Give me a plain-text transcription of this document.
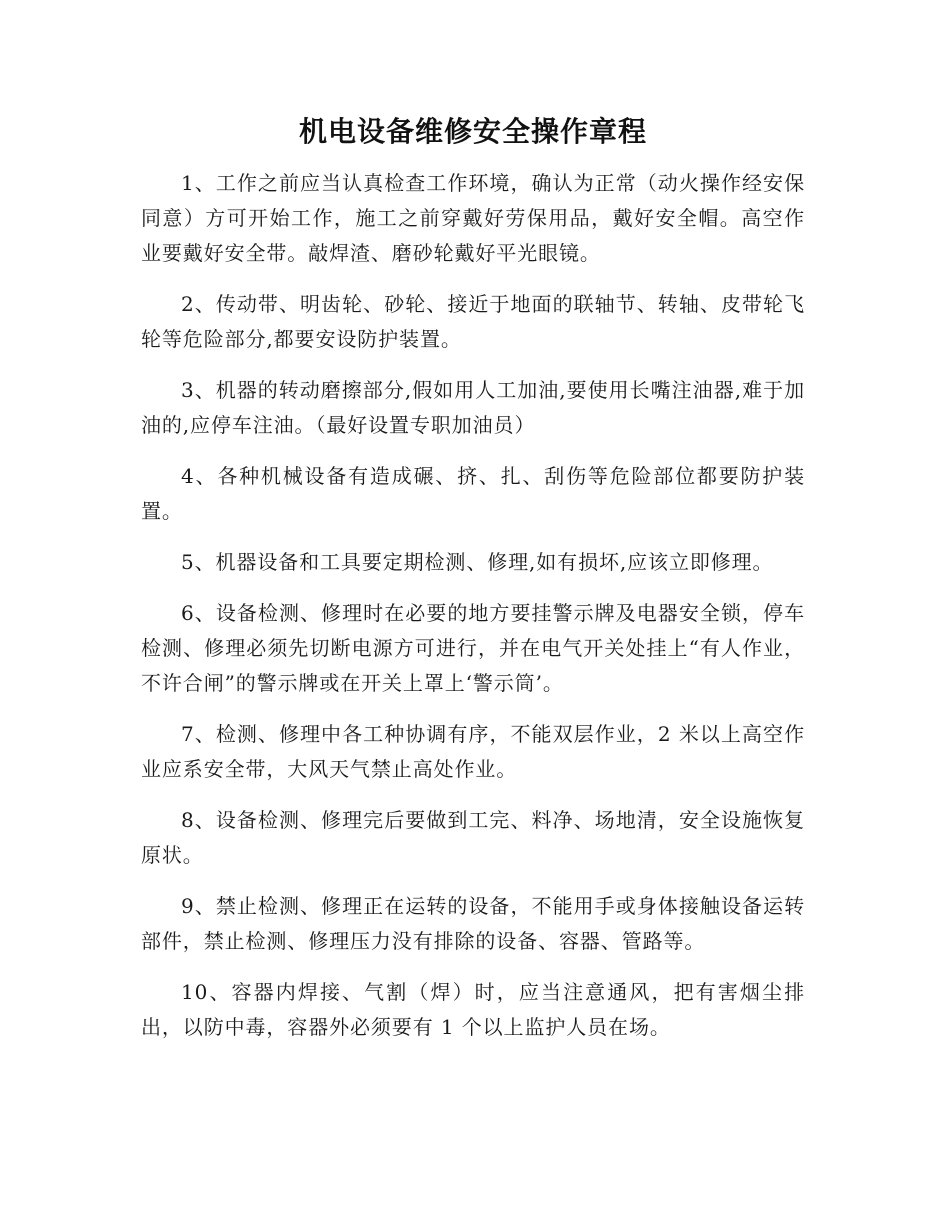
机电设备维修安全操作章程

1、工作之前应当认真检查工作环境，确认为正常（动火操作经安保同意）方可开始工作，施工之前穿戴好劳保用品，戴好安全帽。高空作业要戴好安全带。敲焊渣、磨砂轮戴好平光眼镜。

2、传动带、明齿轮、砂轮、接近于地面的联轴节、转轴、皮带轮飞轮等危险部分,都要安设防护装置。

3、机器的转动磨擦部分,假如用人工加油,要使用长嘴注油器,难于加油的,应停车注油。（最好设置专职加油员）

4、各种机械设备有造成碾、挤、扎、刮伤等危险部位都要防护装置。

5、机器设备和工具要定期检测、修理,如有损坏,应该立即修理。

6、设备检测、修理时在必要的地方要挂警示牌及电器安全锁，停车检测、修理必须先切断电源方可进行，并在电气开关处挂上“有人作业，不许合闸”的警示牌或在开关上罩上‘警示筒’。

7、检测、修理中各工种协调有序，不能双层作业，2 米以上高空作业应系安全带，大风天气禁止高处作业。

8、设备检测、修理完后要做到工完、料净、场地清，安全设施恢复原状。

9、禁止检测、修理正在运转的设备，不能用手或身体接触设备运转部件，禁止检测、修理压力没有排除的设备、容器、管路等。

10、容器内焊接、气割（焊）时，应当注意通风，把有害烟尘排出，以防中毒，容器外必须要有 1 个以上监护人员在场。
